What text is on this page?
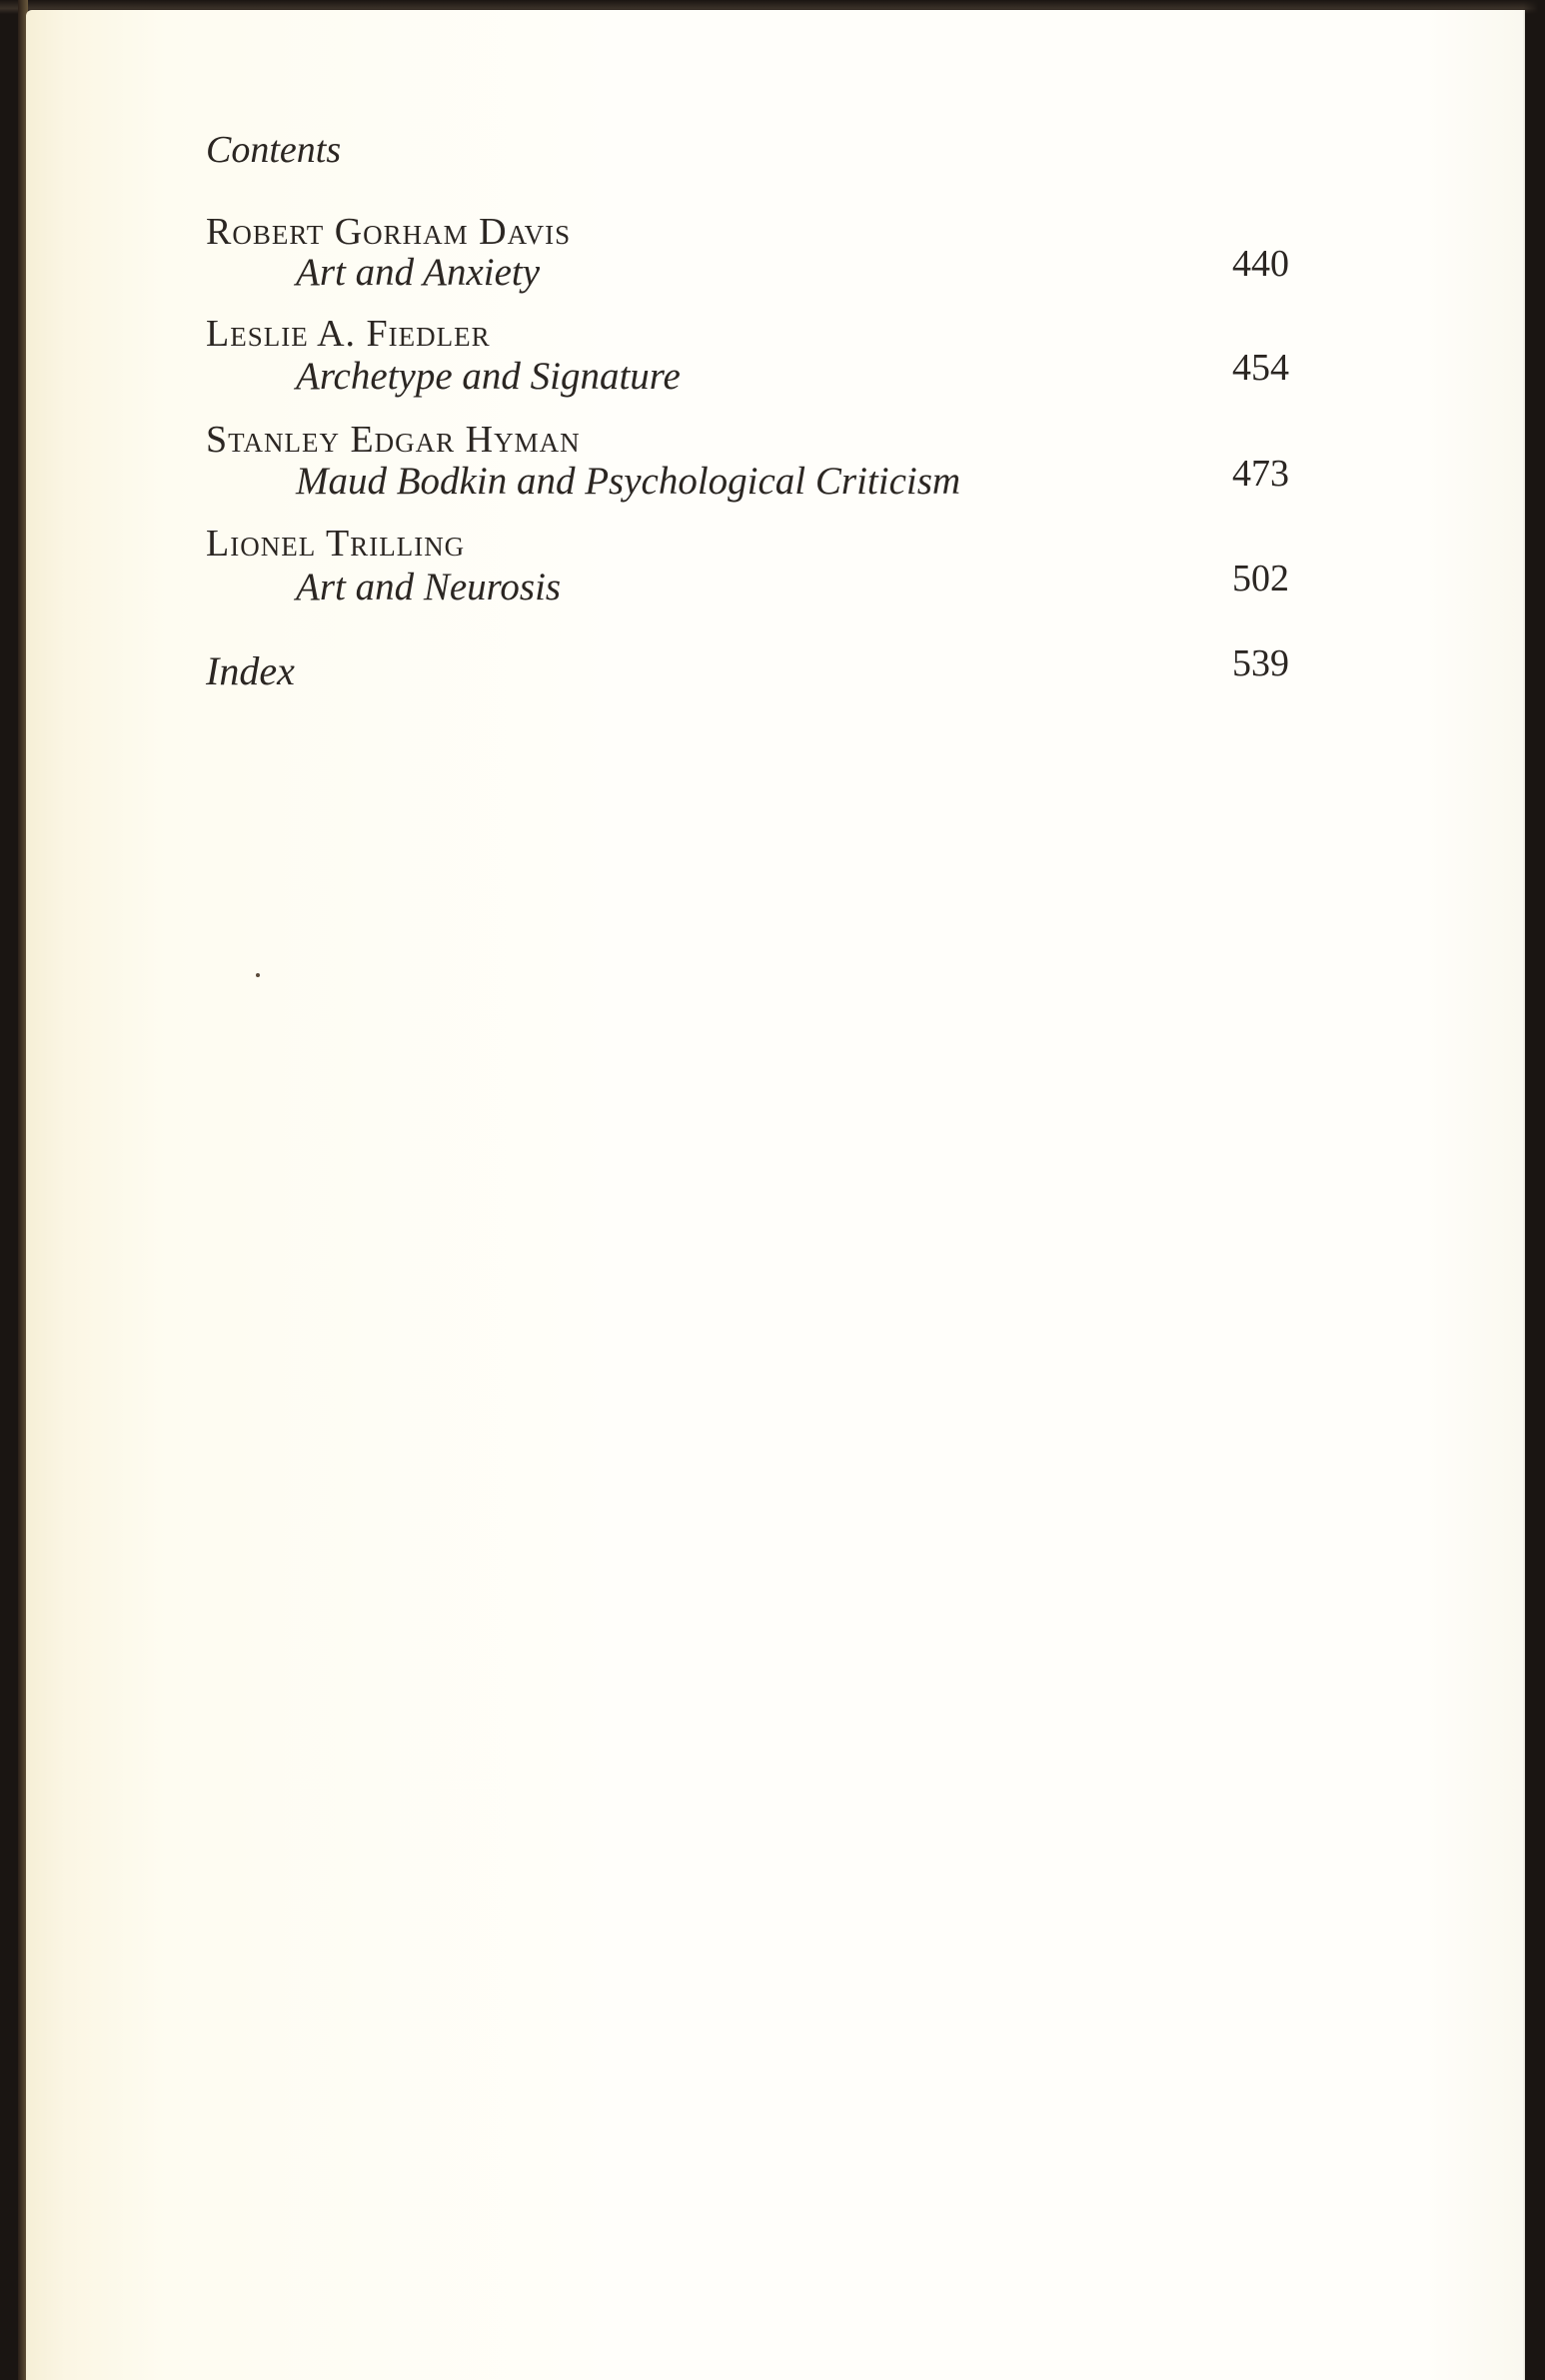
Contents
Robert Gorham Davis
Art and Anxiety	440
Leslie A. Fiedler
Archetype and Signature	454
Stanley Edgar Hyman
Maud Bodkin and Psychological Criticism	473
Lionel Trilling
Art and Neurosis	502
Index	539
